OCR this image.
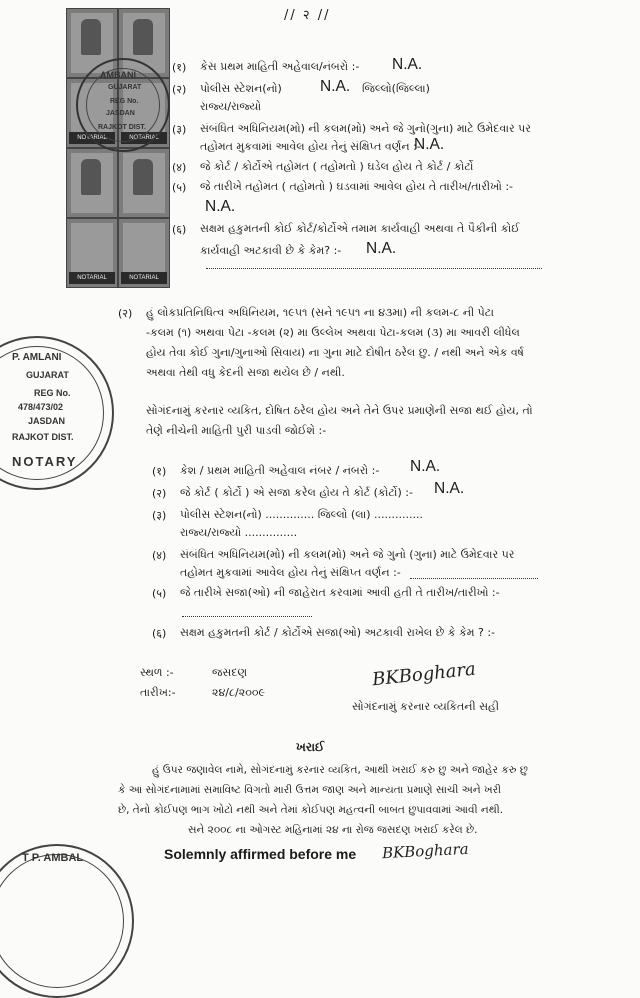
// २ //
NOTARIAL	NOTARIAL
NOTARIAL	NOTARIAL
AMBANI
GUJARAT
REG No.
JASDAN
RAJKOT DIST.
(१) કેસ પ્રથમ માહિતી અહેવાલ/નંબરો :- N.A.
(२) પોલીસ સ્ટેશન(નો) N.A. જિલ્લો(જિલ્લા)
રાજ્ય/રાજ્યો
(३) સંબંધિત અધિનિયમ(મો) ની કલમ(મો) અને જે ગુનો(ગુના) માટે ઉમેદવાર પર
તહોમત મુકવામાં આવેલ હોય તેનું સંક્ષિપ્ત વર્ણન :-
N.A.
(४) જે કોર્ટ / કોર્ટોએ તહોમત ( તહોમતો ) ઘડેલ હોય તે કોર્ટ / કોર્ટો
(५) જે તારીખે તહોમત ( તહોમતો ) ઘડવામાં આવેલ હોય તે તારીખ/તારીખો :-
N.A.
(६) સક્ષમ હકુમતની કોઈ કોર્ટ/કોર્ટોએ તમામ કાર્યવાહી અથવા તે પૈકીની કોઈ
કાર્યવાહી અટકાવી છે કે કેમ? :- N.A.
P. AMLANI
GUJARAT
REG No.
478/473/02
JASDAN
RAJKOT DIST.
NOTARY
(२) હું લોકપ્રતિનિધિત્વ અધિનિયમ, ૧૯૫૧ (સને ૧૯૫૧ ના ૪૩મા) ની કલમ-૮ ની પેટા
-કલમ (૧) અથવા પેટા -કલમ (૨) મા ઉલ્લેખ અથવા પેટા-કલમ (૩) મા આવરી લીધેલ
હોય તેવા કોઈ ગુના/ગુનાઓ સિવાય) ના ગુના માટે દોષીત ઠરેલ છુ. / નથી અને એક વર્ષ
અથવા તેથી વધુ કેદની સજા થયેલ છે / નથી.
સોગંદનામું કરનાર વ્યકિત, દોષિત ઠરેલ હોય અને તેને ઉપર પ્રમાણેની સજા થઈ હોય, તો
તેણે નીચેની માહિતી પુરી પાડવી જોઈશે :-
(१) કેશ / પ્રથમ માહિતી અહેવાલ નંબર / નંબરો :- N.A.
(२) જે કોર્ટ ( કોર્ટો ) એ સજા કરેલ હોય તે કોર્ટ (કોર્ટો) :- N.A.
(३) પોલીસ સ્ટેશન(નો) .............. જિલ્લો (લા) ..............
રાજ્ય/રાજ્યો ...............
(४) સંબંધિત અધિનિયમ(મો) ની કલમ(મો) અને જે ગુનો (ગુના) માટે ઉમેદવાર પર
તહોમત મુકવામાં આવેલ હોય તેનું સંક્ષિપ્ત વર્ણન :-
(५) જે તારીખે સજા(ઓ) ની જાહેરાત કરવામાં આવી હતી તે તારીખ/તારીખો :-
(६) સક્ષમ હકુમતની કોર્ટ / કોર્ટોએ સજા(ઓ) અટકાવી રાખેલ છે કે કેમ ? :-
સ્થળ :-	જસદણ
તારીખ:-	૨૪/૮/૨૦૦૯
BKBoghara
સોગંદનામું કરનાર વ્યકિતની સહી
ખરાઈ
હું ઉપર જણાવેલ નામે, સોગંદનામું કરનાર વ્યકિત, આથી ખરાઈ કરુ છુ અને જાહેર કરુ છુ
કે આ સોગંદનામામાં સમાવિષ્ટ વિગતો મારી ઉત્તમ જાણ અને માન્યતા પ્રમાણે સાચી અને ખરી
છે, તેનો કોઈપણ ભાગ ખોટો નથી અને તેમાં કોઈપણ મહત્વની બાબત છુપાવવામાં આવી નથી.
સને ૨૦૦૮ ના ઓગસ્ટ મહિનામાં ૨૪ ના રોજ જસદણ ખરાઈ કરેલ છે.
T P. AMBAL	Solemnly affirmed before me BKBoghara
